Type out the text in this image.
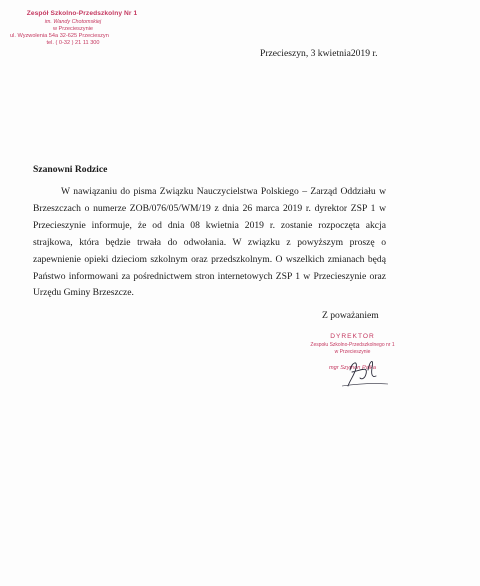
Zespół Szkolno-Przedszkolny Nr 1
im. Wandy Chotomskiej
w Przecieszynie
ul. Wyzwolenia 54a 32-625 Przecieszyn
tel. ( 0-32 ) 21 11 300
Przecieszyn, 3 kwietnia2019 r.
Szanowni Rodzice

W nawiązaniu do pisma Związku Nauczycielstwa Polskiego – Zarząd Oddziału w Brzeszczach o numerze ZOB/076/05/WM/19 z dnia 26 marca 2019 r. dyrektor ZSP 1 w Przecieszynie informuje, że od dnia 08 kwietnia 2019 r. zostanie rozpoczęta akcja strajkowa, która będzie trwała do odwołania. W związku z powyższym proszę o zapewnienie opieki dzieciom szkolnym oraz przedszkolnym. O wszelkich zmianach będą Państwo informowani za pośrednictwem stron internetowych ZSP 1 w Przecieszynie oraz Urzędu Gminy Brzeszcze.

Z poważaniem
DYREKTOR
Zespołu Szkolno-Przedszkolnego nr 1
w Przecieszynie
mgr Szymon Palka
